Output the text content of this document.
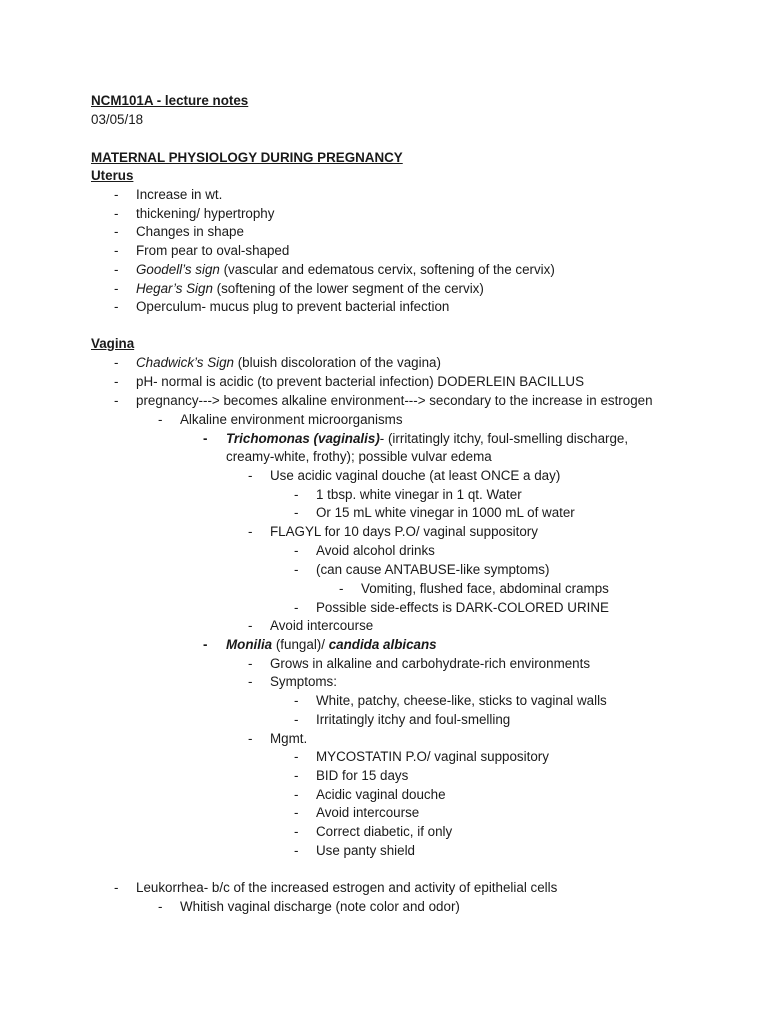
NCM101A - lecture notes
03/05/18
MATERNAL PHYSIOLOGY DURING PREGNANCY
Uterus
- Increase in wt.
- thickening/ hypertrophy
- Changes in shape
- From pear to oval-shaped
- Goodell’s sign (vascular and edematous cervix, softening of the cervix)
- Hegar’s Sign (softening of the lower segment of the cervix)
- Operculum- mucus plug to prevent bacterial infection
Vagina
- Chadwick’s Sign (bluish discoloration of the vagina)
- pH- normal is acidic (to prevent bacterial infection) DODERLEIN BACILLUS
- pregnancy---> becomes alkaline environment---> secondary to the increase in estrogen
- Alkaline environment microorganisms
- Trichomonas (vaginalis)- (irritatingly itchy, foul-smelling discharge,
creamy-white, frothy); possible vulvar edema
- Use acidic vaginal douche (at least ONCE a day)
- 1 tbsp. white vinegar in 1 qt. Water
- Or 15 mL white vinegar in 1000 mL of water
- FLAGYL for 10 days P.O/ vaginal suppository
- Avoid alcohol drinks
- (can cause ANTABUSE-like symptoms)
- Vomiting, flushed face, abdominal cramps
- Possible side-effects is DARK-COLORED URINE
- Avoid intercourse
- Monilia (fungal)/ candida albicans
- Grows in alkaline and carbohydrate-rich environments
- Symptoms:
- White, patchy, cheese-like, sticks to vaginal walls
- Irritatingly itchy and foul-smelling
- Mgmt.
- MYCOSTATIN P.O/ vaginal suppository
- BID for 15 days
- Acidic vaginal douche
- Avoid intercourse
- Correct diabetic, if only
- Use panty shield
- Leukorrhea- b/c of the increased estrogen and activity of epithelial cells
- Whitish vaginal discharge (note color and odor)
